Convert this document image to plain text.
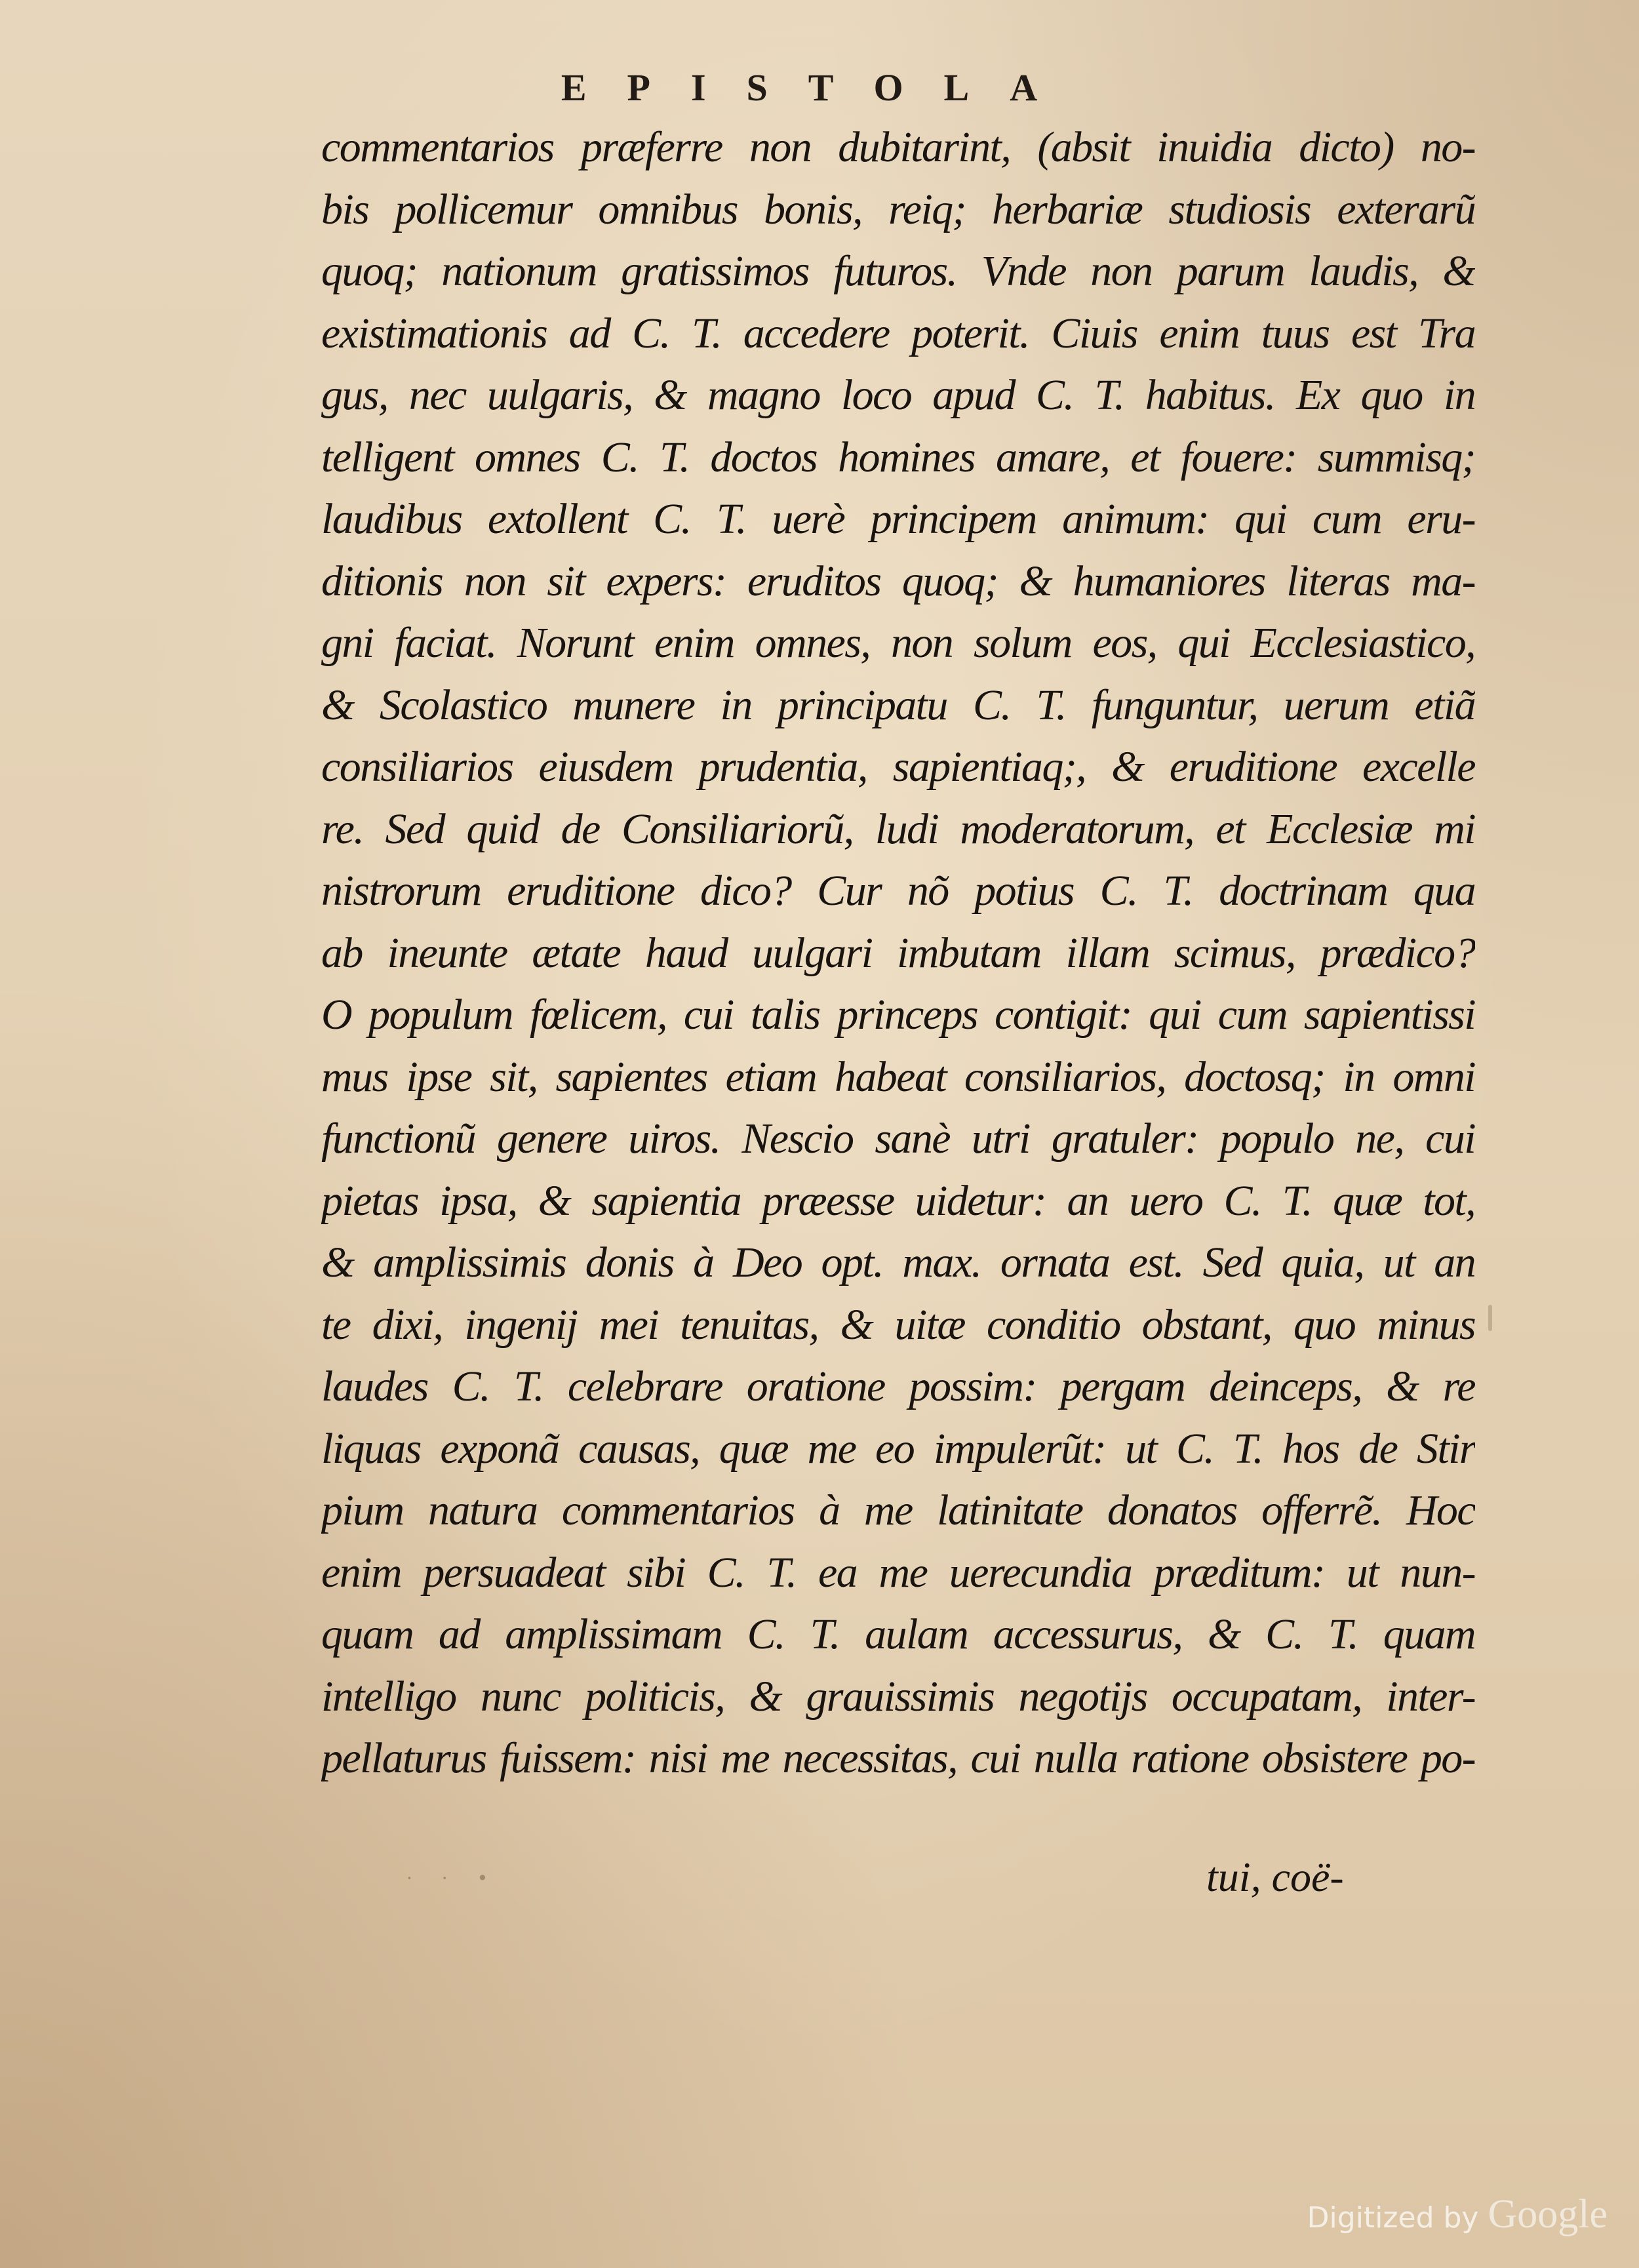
EPISTOLA
commentarios præferre non dubitarint, (absit inuidia dicto) no-
bis pollicemur omnibus bonis, reiq; herbariæ studiosis exterarũ
quoq; nationum gratissimos futuros. Vnde non parum laudis, &
existimationis ad C. T. accedere poterit. Ciuis enim tuus est Tra
gus, nec uulgaris, & magno loco apud C. T. habitus. Ex quo in
telligent omnes C. T. doctos homines amare, et fouere: summisq;
laudibus extollent C. T. uerè principem animum: qui cum eru-
ditionis non sit expers: eruditos quoq; & humaniores literas ma-
gni faciat. Norunt enim omnes, non solum eos, qui Ecclesiastico,
& Scolastico munere in principatu C. T. funguntur, uerum etiã
consiliarios eiusdem prudentia, sapientiaq;, & eruditione excelle
re. Sed quid de Consiliariorũ, ludi moderatorum, et Ecclesiæ mi
nistrorum eruditione dico? Cur nõ potius C. T. doctrinam qua
ab ineunte ætate haud uulgari imbutam illam scimus, prædico?
O populum fœlicem, cui talis princeps contigit: qui cum sapientissi
mus ipse sit, sapientes etiam habeat consiliarios, doctosq; in omni
functionũ genere uiros. Nescio sanè utri gratuler: populo ne, cui
pietas ipsa, & sapientia præesse uidetur: an uero C. T. quæ tot,
& amplissimis donis à Deo opt. max. ornata est. Sed quia, ut an
te dixi, ingenij mei tenuitas, & uitæ conditio obstant, quo minus
laudes C. T. celebrare oratione possim: pergam deinceps, & re
liquas exponã causas, quæ me eo impulerũt: ut C. T. hos de Stir
pium natura commentarios à me latinitate donatos offerrẽ. Hoc
enim persuadeat sibi C. T. ea me uerecundia præditum: ut nun-
quam ad amplissimam C. T. aulam accessurus, & C. T. quam
intelligo nunc politicis, & grauissimis negotijs occupatam, inter-
pellaturus fuissem: nisi me necessitas, cui nulla ratione obsistere po-
tui, coë-
· · •
Digitized by Google
